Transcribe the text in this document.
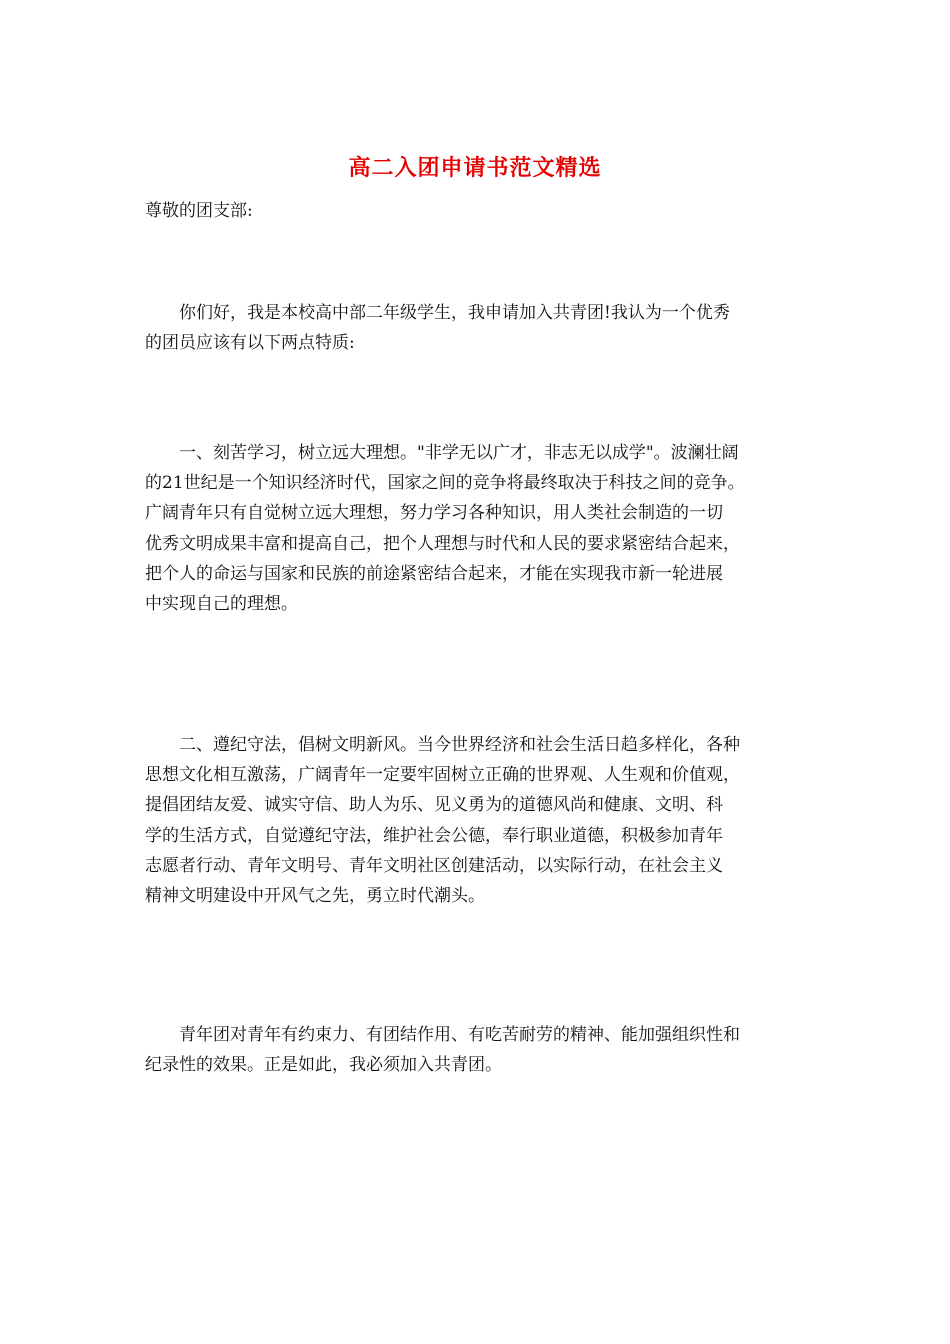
高二入团申请书范文精选
尊敬的团支部:

你们好，我是本校高中部二年级学生，我申请加入共青团!我认为一个优秀
的团员应该有以下两点特质:

一、刻苦学习，树立远大理想。"非学无以广才，非志无以成学"。波澜壮阔
的21世纪是一个知识经济时代，国家之间的竞争将最终取决于科技之间的竞争。
广阔青年只有自觉树立远大理想，努力学习各种知识，用人类社会制造的一切
优秀文明成果丰富和提高自己，把个人理想与时代和人民的要求紧密结合起来，
把个人的命运与国家和民族的前途紧密结合起来，才能在实现我市新一轮进展
中实现自己的理想。

二、遵纪守法，倡树文明新风。当今世界经济和社会生活日趋多样化，各种
思想文化相互激荡，广阔青年一定要牢固树立正确的世界观、人生观和价值观，
提倡团结友爱、诚实守信、助人为乐、见义勇为的道德风尚和健康、文明、科
学的生活方式，自觉遵纪守法，维护社会公德，奉行职业道德，积极参加青年
志愿者行动、青年文明号、青年文明社区创建活动，以实际行动，在社会主义
精神文明建设中开风气之先，勇立时代潮头。

青年团对青年有约束力、有团结作用、有吃苦耐劳的精神、能加强组织性和
纪录性的效果。正是如此，我必须加入共青团。
